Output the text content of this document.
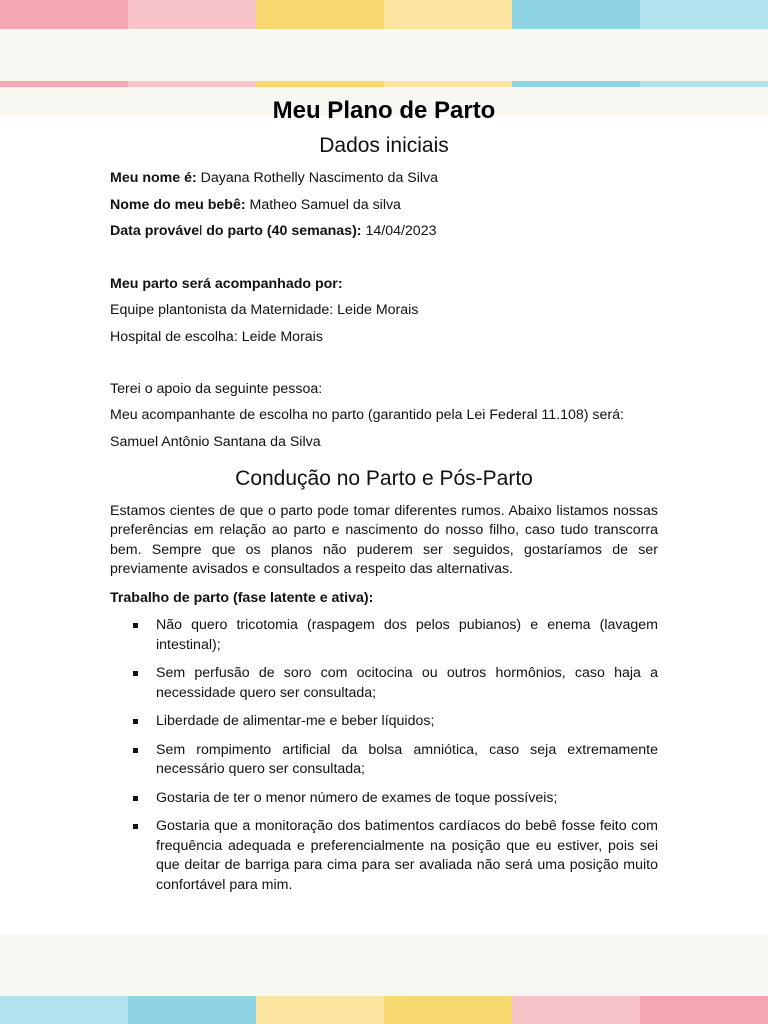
Meu Plano de Parto
Dados iniciais

Meu nome é: Dayana Rothelly Nascimento da Silva

Nome do meu bebê: Matheo Samuel da silva

Data provável do parto (40 semanas): 14/04/2023

Meu parto será acompanhado por:

Equipe plantonista da Maternidade: Leide Morais

Hospital de escolha: Leide Morais

Terei o apoio da seguinte pessoa:

Meu acompanhante de escolha no parto (garantido pela Lei Federal 11.108) será:

Samuel Antônio Santana da Silva

Condução no Parto e Pós-Parto

Estamos cientes de que o parto pode tomar diferentes rumos. Abaixo listamos nossas preferências em relação ao parto e nascimento do nosso filho, caso tudo transcorra bem. Sempre que os planos não puderem ser seguidos, gostaríamos de ser previamente avisados e consultados a respeito das alternativas.

Trabalho de parto (fase latente e ativa):

Não quero tricotomia (raspagem dos pelos pubianos) e enema (lavagem intestinal);
Sem perfusão de soro com ocitocina ou outros hormônios, caso haja a necessidade quero ser consultada;
Liberdade de alimentar-me e beber líquidos;
Sem rompimento artificial da bolsa amniótica, caso seja extremamente necessário quero ser consultada;
Gostaria de ter o menor número de exames de toque possíveis;
Gostaria que a monitoração dos batimentos cardíacos do bebê fosse feito com frequência adequada e preferencialmente na posição que eu estiver, pois sei que deitar de barriga para cima para ser avaliada não será uma posição muito confortável para mim.
